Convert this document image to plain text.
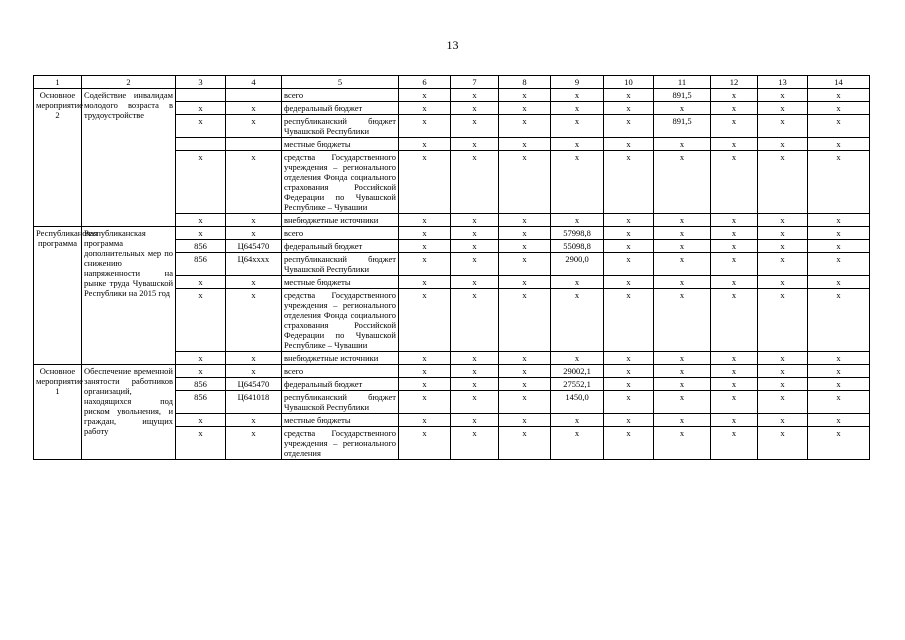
13
1	2	3	4	5	6	7	8	9	10	11	12	13	14
Основное мероприятие 2	Содействие инвалидам молодого возраста в трудоустройстве			всего	x	x	x	x	x	891,5	x	x	x
		x	x	федеральный бюджет	x	x	x	x	x	x	x	x	x
		x	x	республиканский бюджет Чувашской Республики	x	x	x	x	x	891,5	x	x	x
				местные бюджеты	x	x	x	x	x	x	x	x	x
		x	x	средства Государственного учреждения – регионального отделения Фонда социального страхования Российской Федерации по Чувашской Республике – Чувашии	x	x	x	x	x	x	x	x	x
		x	x	внебюджетные источники	x	x	x	x	x	x	x	x	x
Республиканская программа	Республиканская программа дополнительных мер по снижению напряженности на рынке труда Чувашской Республики на 2015 год	x	x	всего	x	x	x	57998,8	x	x	x	x	x
		856	Ц645470	федеральный бюджет	x	x	x	55098,8	x	x	x	x	x
		856	Ц64хххх	республиканский бюджет Чувашской Республики	x	x	x	2900,0	x	x	x	x	x
		x	x	местные бюджеты	x	x	x	x	x	x	x	x	x
		x	x	средства Государственного учреждения – регионального отделения Фонда социального страхования Российской Федерации по Чувашской Республике – Чувашии	x	x	x	x	x	x	x	x	x
		x	x	внебюджетные источники	x	x	x	x	x	x	x	x	x
Основное мероприятие 1	Обеспечение временной занятости работников организаций, находящихся под риском увольнения, и граждан, ищущих работу	x	x	всего	x	x	x	29002,1	x	x	x	x	x
		856	Ц645470	федеральный бюджет	x	x	x	27552,1	x	x	x	x	x
		856	Ц641018	республиканский бюджет Чувашской Республики	x	x	x	1450,0	x	x	x	x	x
		x	x	местные бюджеты	x	x	x	x	x	x	x	x	x
		x	x	средства Государственного учреждения – регионального отделения	x	x	x	x	x	x	x	x	x
